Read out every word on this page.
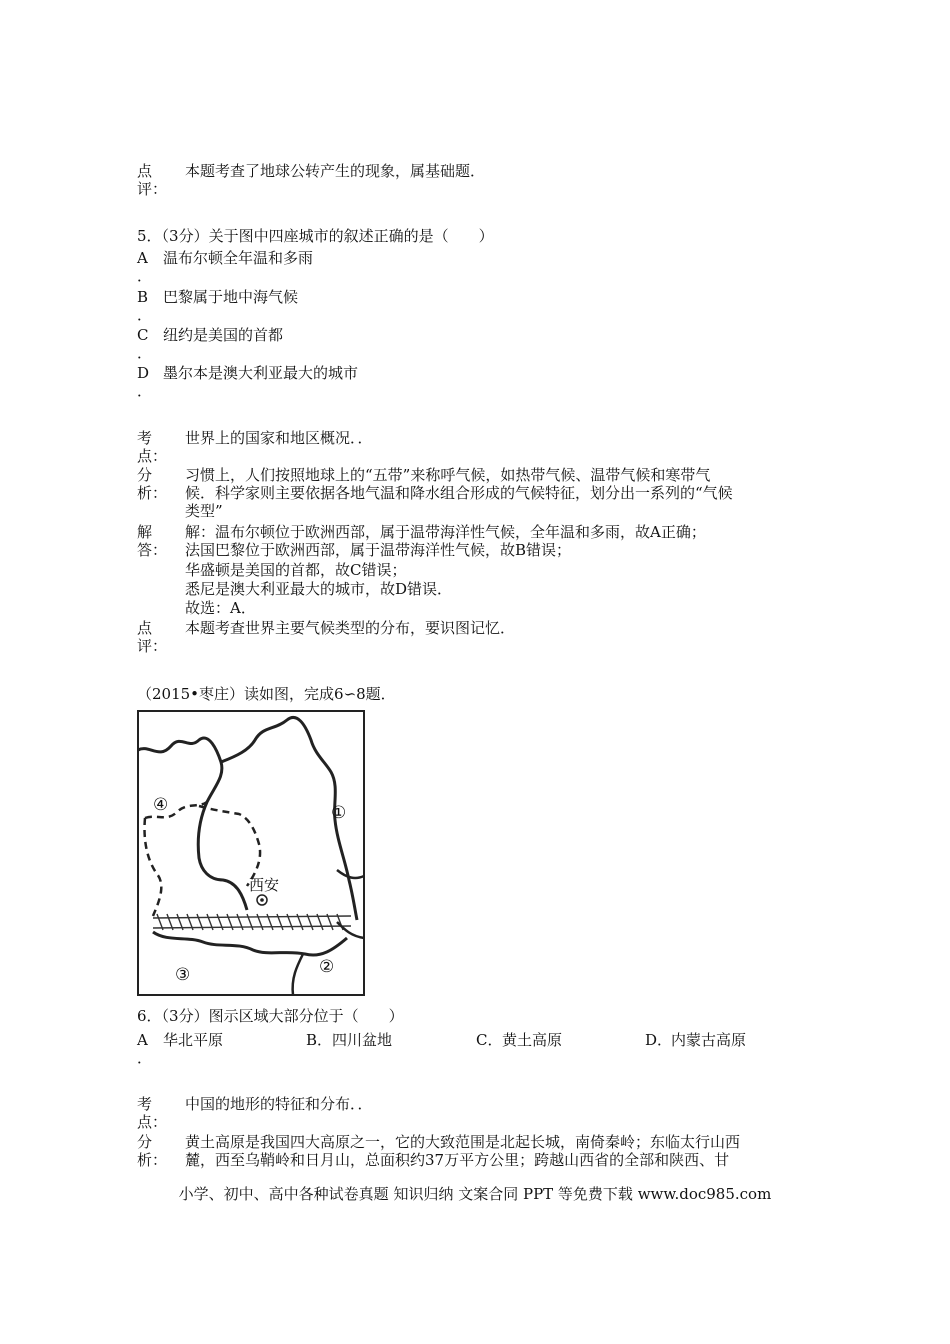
点
评：
本题考查了地球公转产生的现象，属基础题．
5．（3分）关于图中四座城市的叙述正确的是（　　）
A 温布尔顿全年温和多雨
．
B 巴黎属于地中海气候
．
C 纽约是美国的首都
．
D 墨尔本是澳大利亚最大的城市
．
考
点：
世界上的国家和地区概况．．
分
析：
习惯上，人们按照地球上的“五带”来称呼气候，如热带气候、温带气候和寒带气
候．科学家则主要依据各地气温和降水组合形成的气候特征，划分出一系列的“气候
类型”
解
答：
解：温布尔顿位于欧洲西部，属于温带海洋性气候，全年温和多雨，故A正确；
法国巴黎位于欧洲西部，属于温带海洋性气候，故B错误；
华盛顿是美国的首都，故C错误；
悉尼是澳大利亚最大的城市，故D错误．
故选：A．
点
评：
本题考查世界主要气候类型的分布，要识图记忆．
（2015•枣庄）读如图，完成6∽8题．
西安
①
②
③
④
6．（3分）图示区域大部分位于（　　）
A 华北平原	B． 四川盆地	C． 黄土高原	D．
内蒙古高原
．
考
点：
中国的地形的特征和分布．．
分
析：
黄土高原是我国四大高原之一，它的大致范围是北起长城，南倚秦岭；东临太行山西
麓，西至乌鞘岭和日月山，总面积约37万平方公里；跨越山西省的全部和陕西、甘
小学、初中、高中各种试卷真题 知识归纳 文案合同 PPT 等免费下载 www.doc985.com
